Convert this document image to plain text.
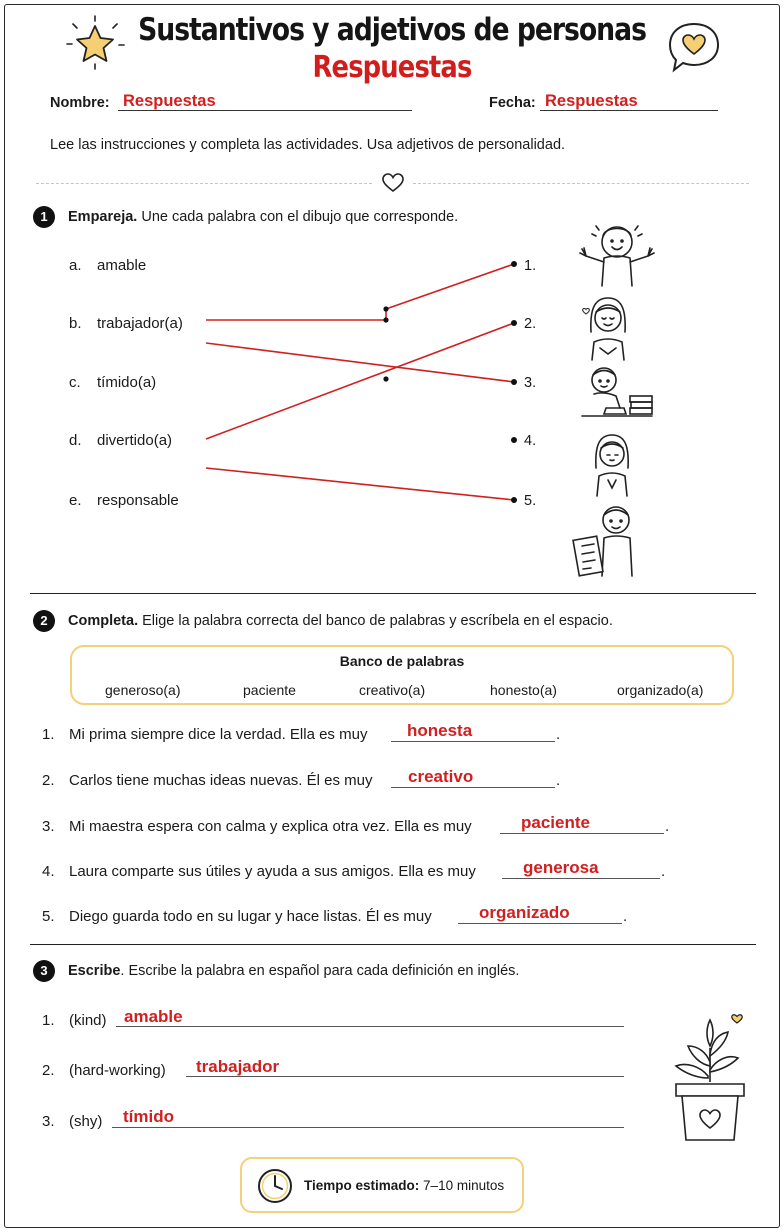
Sustantivos y adjetivos de personas
Respuestas
Nombre: Respuestas	Fecha: Respuestas
Lee las instrucciones y completa las actividades. Usa adjetivos de personalidad.
1	Empareja. Une cada palabra con el dibujo que corresponde.
a. amable
b. trabajador(a)
c. tímido(a)
d. divertido(a)
e. responsable
1.
2.
3.
4.
5.
2	Completa. Elige la palabra correcta del banco de palabras y escríbela en el espacio.
Banco de palabras
generoso(a)	paciente	creativo(a)	honesto(a)	organizado(a)
1. Mi prima siempre dice la verdad. Ella es muy honesta	.
2. Carlos tiene muchas ideas nuevas. Él es muy creativo	.
3. Mi maestra espera con calma y explica otra vez. Ella es muy	paciente	.
4. Laura comparte sus útiles y ayuda a sus amigos. Ella es muy	generosa	.
5. Diego guarda todo en su lugar y hace listas. Él es muy	organizado	.
3	Escribe. Escribe la palabra en español para cada definición en inglés.
1. (kind) amable
2. (hard-working) trabajador
3. (shy) tímido
Tiempo estimado: 7–10 minutos
